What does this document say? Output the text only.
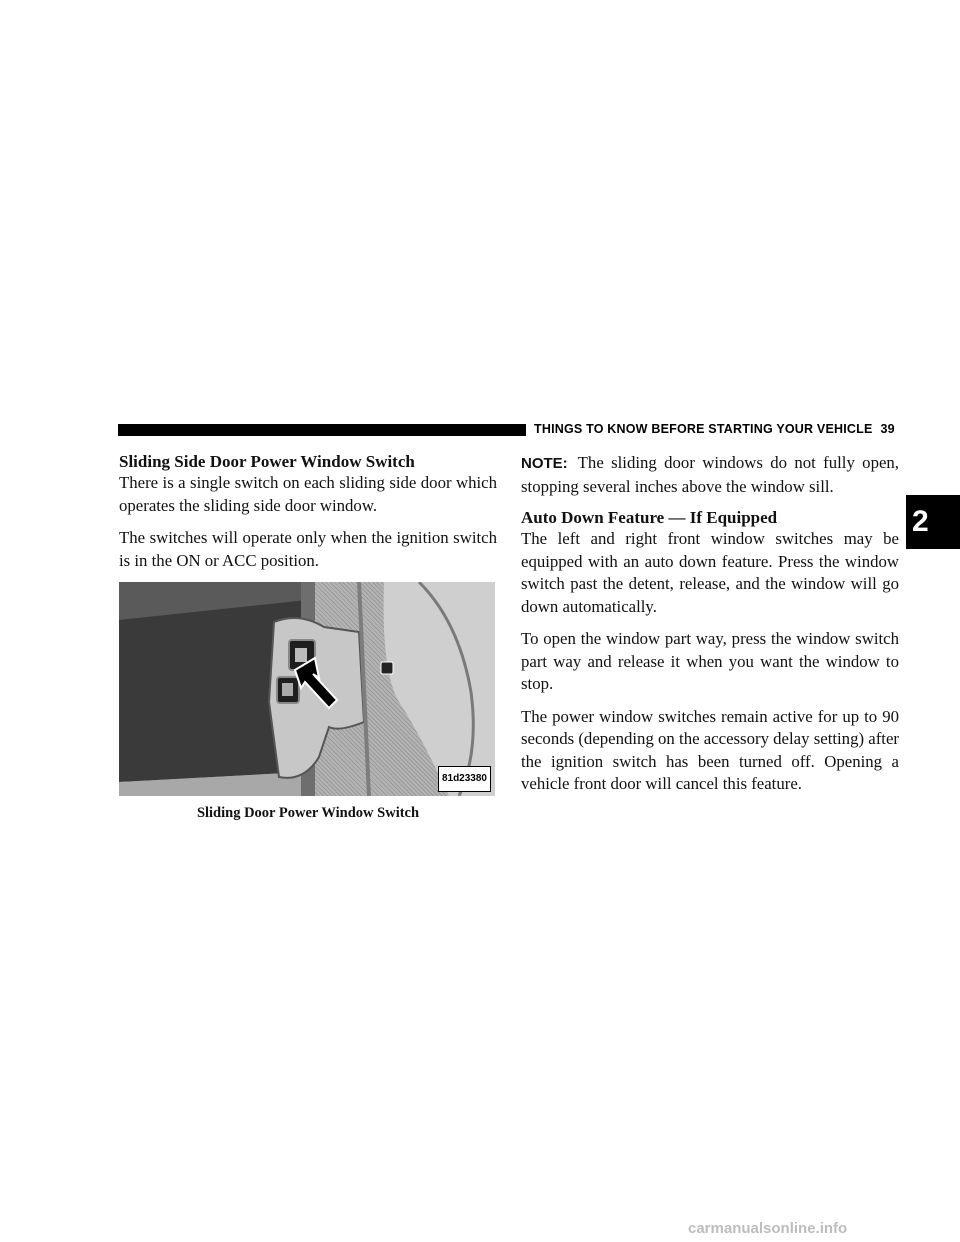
THINGS TO KNOW BEFORE STARTING YOUR VEHICLE 39
2
Sliding Side Door Power Window Switch

There is a single switch on each sliding side door which operates the sliding side door window.

The switches will operate only when the ignition switch is in the ON or ACC position.

81d23380
Sliding Door Power Window Switch

NOTE: The sliding door windows do not fully open, stopping several inches above the window sill.

Auto Down Feature — If Equipped

The left and right front window switches may be equipped with an auto down feature. Press the window switch past the detent, release, and the window will go down automatically.

To open the window part way, press the window switch part way and release it when you want the window to stop.

The power window switches remain active for up to 90 seconds (depending on the accessory delay setting) after the ignition switch has been turned off. Opening a vehicle front door will cancel this feature.

carmanualsonline.info
